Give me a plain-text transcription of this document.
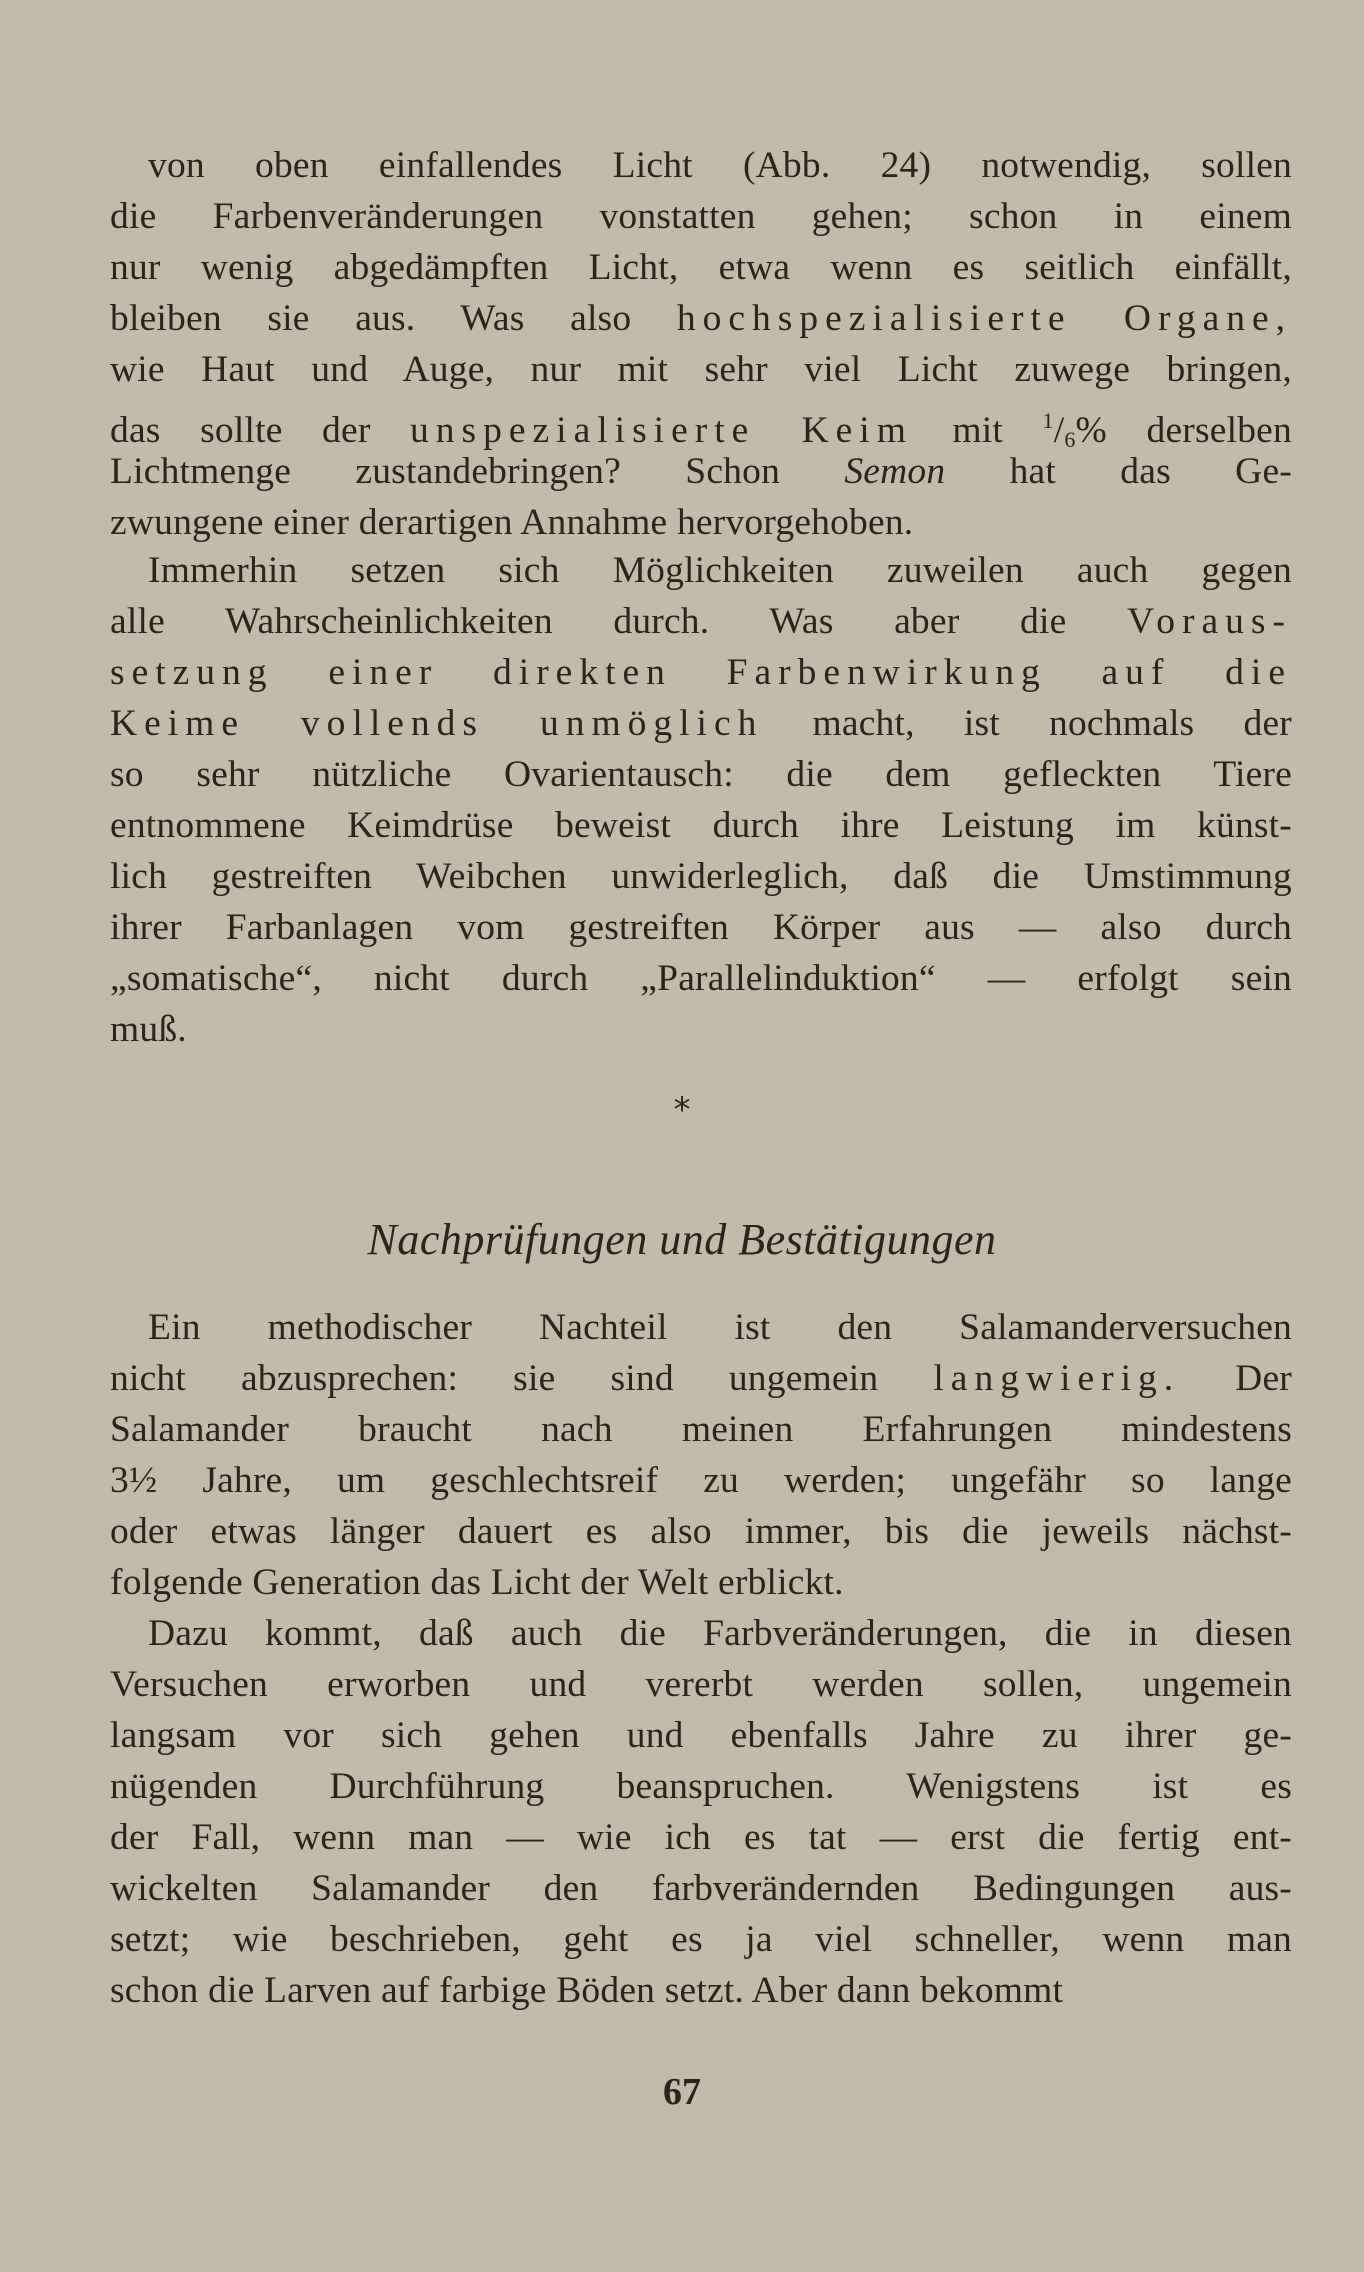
von oben einfallendes Licht (Abb. 24) notwendig, sollen
die Farbenveränderungen vonstatten gehen; schon in einem
nur wenig abgedämpften Licht, etwa wenn es seitlich einfällt,
bleiben sie aus. Was also hochspezialisierte Organe,
wie Haut und Auge, nur mit sehr viel Licht zuwege bringen,
das sollte der unspezialisierte Keim mit $^1/_6\%$ derselben
Lichtmenge zustandebringen? Schon Semon hat das Ge-
zwungene einer derartigen Annahme hervorgehoben.
Immerhin setzen sich Möglichkeiten zuweilen auch gegen
alle Wahrscheinlichkeiten durch. Was aber die Voraus-
setzung einer direkten Farbenwirkung auf die
Keime vollends unmöglich macht, ist nochmals der
so sehr nützliche Ovarientausch: die dem gefleckten Tiere
entnommene Keimdrüse beweist durch ihre Leistung im künst-
lich gestreiften Weibchen unwiderleglich, daß die Umstimmung
ihrer Farbanlagen vom gestreiften Körper aus — also durch
„somatische“, nicht durch „Parallelinduktion“ — erfolgt sein
muß.
*
Nachprüfungen und Bestätigungen
Ein methodischer Nachteil ist den Salamanderversuchen
nicht abzusprechen: sie sind ungemein langwierig. Der
Salamander braucht nach meinen Erfahrungen mindestens
3½ Jahre, um geschlechtsreif zu werden; ungefähr so lange
oder etwas länger dauert es also immer, bis die jeweils nächst-
folgende Generation das Licht der Welt erblickt.
Dazu kommt, daß auch die Farbveränderungen, die in diesen
Versuchen erworben und vererbt werden sollen, ungemein
langsam vor sich gehen und ebenfalls Jahre zu ihrer ge-
nügenden Durchführung beanspruchen. Wenigstens ist es
der Fall, wenn man — wie ich es tat — erst die fertig ent-
wickelten Salamander den farbverändernden Bedingungen aus-
setzt; wie beschrieben, geht es ja viel schneller, wenn man
schon die Larven auf farbige Böden setzt. Aber dann bekommt
67
